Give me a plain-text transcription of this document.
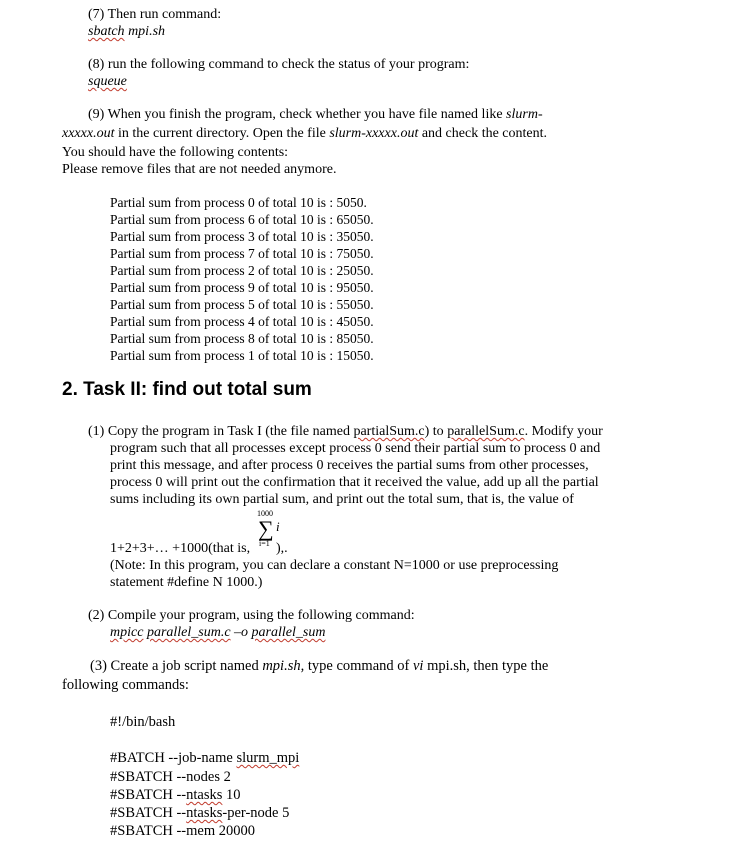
(7) Then run command:
sbatch mpi.sh
(8) run the following command to check the status of your program:
squeue
(9) When you finish the program, check whether you have file named like slurm-
xxxxx.out in the current directory. Open the file slurm-xxxxx.out and check the content.
You should have the following contents:
Please remove files that are not needed anymore.
Partial sum from process 0 of total 10 is : 5050.
Partial sum from process 6 of total 10 is : 65050.
Partial sum from process 3 of total 10 is : 35050.
Partial sum from process 7 of total 10 is : 75050.
Partial sum from process 2 of total 10 is : 25050.
Partial sum from process 9 of total 10 is : 95050.
Partial sum from process 5 of total 10 is : 55050.
Partial sum from process 4 of total 10 is : 45050.
Partial sum from process 8 of total 10 is : 85050.
Partial sum from process 1 of total 10 is : 15050.
2. Task II: find out total sum
(1) Copy the program in Task I (the file named partialSum.c) to parallelSum.c. Modify your
program such that all processes except process 0 send their partial sum to process 0 and
print this message, and after process 0 receives the partial sums from other processes,
process 0 will print out the confirmation that it received the value, add up all the partial
sums including its own partial sum, and print out the total sum, that is, the value of
1000
∑ i
i=1
1+2+3+… +1000(that is, ),.
(Note: In this program, you can declare a constant N=1000 or use preprocessing
statement #define N 1000.)
(2) Compile your program, using the following command:
mpicc parallel_sum.c –o parallel_sum
(3) Create a job script named mpi.sh, type command of vi mpi.sh, then type the
following commands:
#!/bin/bash
#BATCH --job-name slurm_mpi
#SBATCH --nodes 2
#SBATCH --ntasks 10
#SBATCH --ntasks-per-node 5
#SBATCH --mem 20000
